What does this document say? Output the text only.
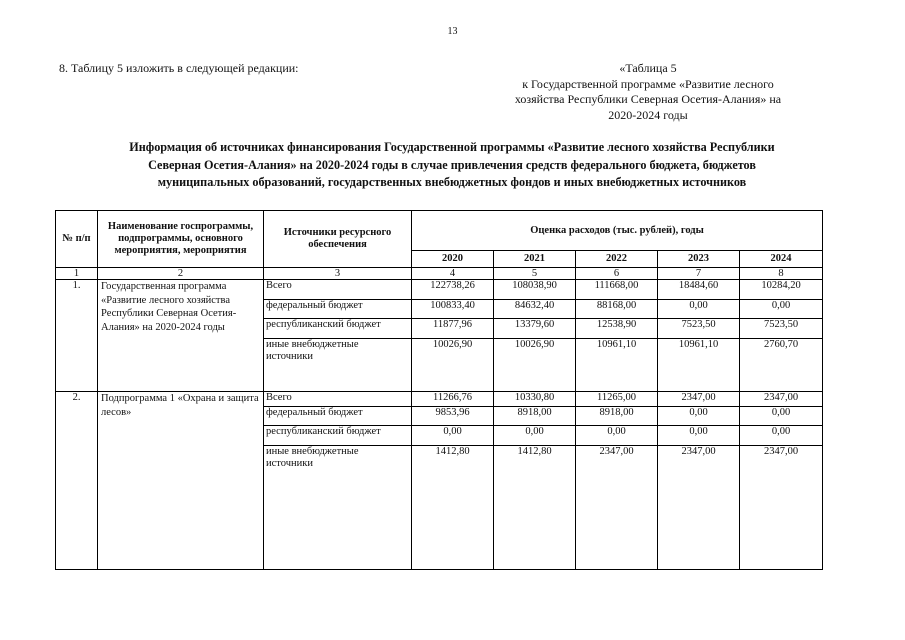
13
8. Таблицу 5 изложить в следующей редакции:	«Таблица 5
к Государственной программе «Развитие лесного
хозяйства Республики Северная Осетия-Алания» на
2020-2024 годы
Информация об источниках финансирования Государственной программы «Развитие лесного хозяйства Республики
Северная Осетия-Алания» на 2020-2024 годы в случае привлечения средств федерального бюджета, бюджетов
муниципальных образований, государственных внебюджетных фондов и иных внебюджетных источников
№ п/п	Наименование госпрограммы, подпрограммы, основного мероприятия, мероприятия	Источники ресурсного обеспечения	Оценка расходов (тыс. рублей), годы				
			2020	2021	2022	2023	2024
1	2	3	4	5	6	7	8
1.	Государственная программа «Развитие лесного хозяйства Республики Северная Осетия-Алания» на 2020-2024 годы	Всего	122738,26	108038,90	111668,00	18484,60	10284,20
		федеральный бюджет	100833,40	84632,40	88168,00	0,00	0,00
		республиканский бюджет	11877,96	13379,60	12538,90	7523,50	7523,50
		иные внебюджетные источники	10026,90	10026,90	10961,10	10961,10	2760,70
2.	Подпрограмма 1 «Охрана и защита лесов»	Всего	11266,76	10330,80	11265,00	2347,00	2347,00
		федеральный бюджет	9853,96	8918,00	8918,00	0,00	0,00
		республиканский бюджет	0,00	0,00	0,00	0,00	0,00
		иные внебюджетные источники	1412,80	1412,80	2347,00	2347,00	2347,00
